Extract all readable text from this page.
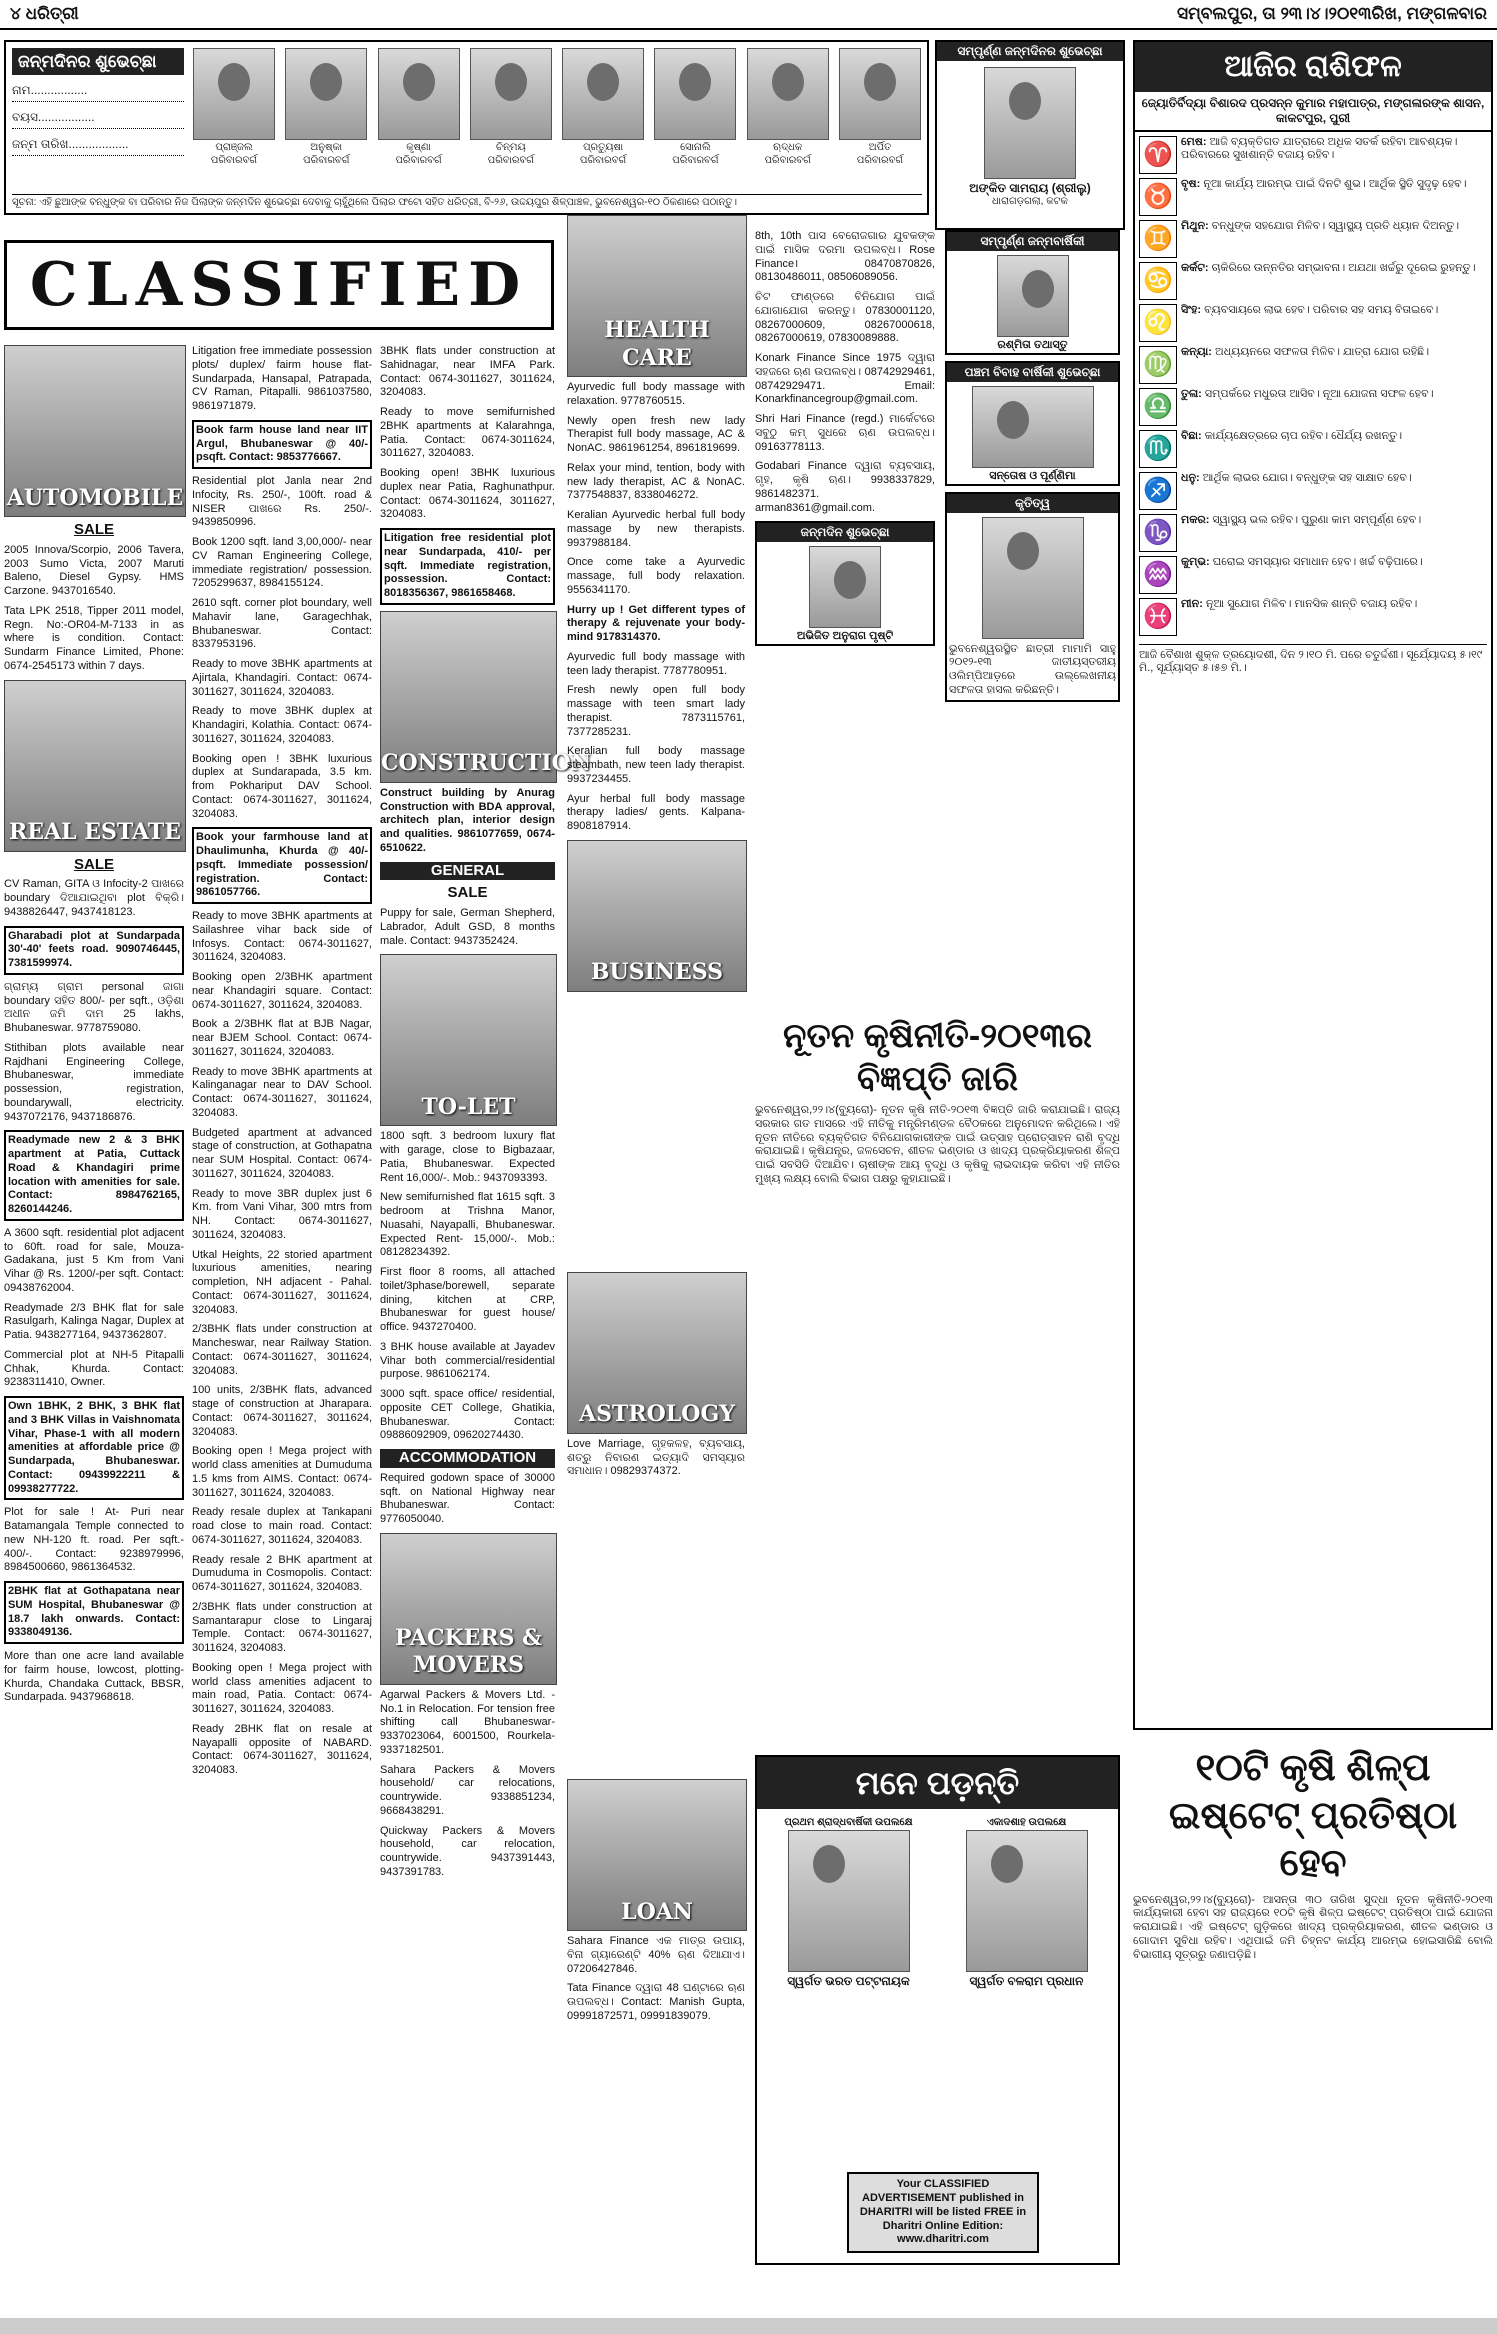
୪ ଧରିତ୍ରୀ	ସମ୍ବଲପୁର, ତା ୨୩।୪।୨୦୧୩ରିଖ, ମଙ୍ଗଳବାର
ଜନ୍ମଦିନର ଶୁଭେଚ୍ଛା
ନାମ.................
ବୟସ.................
ଜନ୍ମ ତାରିଖ..................	ପ୍ରାଞ୍ଜଲ
ପରିବାରବର୍ଗ
ଅନୁଷ୍କା
ପରିବାରବର୍ଗ
କୃଷ୍ଣା
ପରିବାରବର୍ଗ
ଚିନ୍ମୟ
ପରିବାରବର୍ଗ
ପ୍ରତ୍ୟୁଷା
ପରିବାରବର୍ଗ
ସୋନାଲି
ପରିବାରବର୍ଗ
ଋଦ୍ଧକ
ପରିବାରବର୍ଗ
ଅର୍ପିତ
ପରିବାରବର୍ଗ
ସୂଚନା: ଏହି ଛୁଆଙ୍କ ବନ୍ଧୁଙ୍କ ବା ପରିବାର ନିଜ ପିଲାଙ୍କ ଜନ୍ମଦିନ ଶୁଭେଚ୍ଛା ଦେବାକୁ ଚାହୁଁଥିଲେ ପିଲାର ଫଟୋ ସହିତ ଧରିତ୍ରୀ, ବି-୨୬, ଉଦ୍ଦୟପୁର ଶିଳ୍ପାଞ୍ଚଳ, ଭୁବନେଶ୍ୱର-୧୦ ଠିକଣାରେ ପଠାନ୍ତୁ।
ସମ୍ପୃର୍ଣ୍ଣ ଜନ୍ମଦିନର ଶୁଭେଚ୍ଛା
ଅଙ୍କିତ ସାମରାୟ (ଶ୍ରୀଲୁ)
ଧାରାଗଡ଼ଗଲା, କଟକ
CLASSIFIED
AUTOMOBILE
SALE

2005 Innova/Scorpio, 2006 Tavera, 2003 Sumo Victa, 2007 Maruti Baleno, Diesel Gypsy. HMS Carzone. 9437016540.

Tata LPK 2518, Tipper 2011 model, Regn. No:-OR04-M-7133 in as where is condition. Contact: Sundarm Finance Limited, Phone: 0674-2545173 within 7 days.

REAL ESTATE
SALE

CV Raman, GITA ଓ Infocity-2 ପାଖରେ boundary ଦିଆଯାଇଥିବା plot ବିକ୍ରି। 9438826447, 9437418123.

Gharabadi plot at Sundarpada 30'-40' feets road. 9090746445, 7381599974.

ଗ୍ରାମ୍ୟ ଗ୍ରାମ personal ଜାଗା boundary ସହିତ 800/- per sqft., ଓଡ଼ିଶା ଅଧୀନ ଜମି ଦାମ 25 lakhs, Bhubaneswar. 9778759080.

Stithiban plots available near Rajdhani Engineering College, Bhubaneswar, immediate possession, registration, boundarywall, electricity. 9437072176, 9437186876.

Readymade new 2 & 3 BHK apartment at Patia, Cuttack Road & Khandagiri prime location with amenities for sale. Contact: 8984762165, 8260144246.

A 3600 sqft. residential plot adjacent to 60ft. road for sale, Mouza-Gadakana, just 5 Km from Vani Vihar @ Rs. 1200/-per sqft. Contact: 09438762004.

Readymade 2/3 BHK flat for sale Rasulgarh, Kalinga Nagar, Duplex at Patia. 9438277164, 9437362807.

Commercial plot at NH-5 Pitapalli Chhak, Khurda. Contact: 9238311410, Owner.

Own 1BHK, 2 BHK, 3 BHK flat and 3 BHK Villas in Vaishnomata Vihar, Phase-1 with all modern amenities at affordable price @ Sundarpada, Bhubaneswar. Contact: 09439922211 & 09938277722.

Plot for sale ! At- Puri near Batamangala Temple connected to new NH-120 ft. road. Per sqft.- 400/-. Contact: 9238979996, 8984500660, 9861364532.

2BHK flat at Gothapatana near SUM Hospital, Bhubaneswar @ 18.7 lakh onwards. Contact: 9338049136.

More than one acre land available for fairm house, lowcost, plotting- Khurda, Chandaka Cuttack, BBSR, Sundarpada. 9437968618.

Litigation free immediate possession plots/ duplex/ fairm house flat- Sundarpada, Hansapal, Patrapada, CV Raman, Pitapalli. 9861037580, 9861971879.

Book farm house land near IIT Argul, Bhubaneswar @ 40/- psqft. Contact: 9853776667.

Residential plot Janla near 2nd Infocity, Rs. 250/-, 100ft. road & NISER ପାଖରେ Rs. 250/-. 9439850996.

Book 1200 sqft. land 3,00,000/- near CV Raman Engineering College, immediate registration/ possession. 7205299637, 8984155124.

2610 sqft. corner plot boundary, well Mahavir lane, Garagechhak, Bhubaneswar. Contact: 8337953196.

Ready to move 3BHK apartments at Ajirtala, Khandagiri. Contact: 0674-3011627, 3011624, 3204083.

Ready to move 3BHK duplex at Khandagiri, Kolathia. Contact: 0674-3011627, 3011624, 3204083.

Booking open ! 3BHK luxurious duplex at Sundarapada, 3.5 km. from Pokhariput DAV School. Contact: 0674-3011627, 3011624, 3204083.

Book your farmhouse land at Dhaulimunha, Khurda @ 40/- psqft. Immediate possession/ registration. Contact: 9861057766.

Ready to move 3BHK apartments at Sailashree vihar back side of Infosys. Contact: 0674-3011627, 3011624, 3204083.

Booking open 2/3BHK apartment near Khandagiri square. Contact: 0674-3011627, 3011624, 3204083.

Book a 2/3BHK flat at BJB Nagar, near BJEM School. Contact: 0674-3011627, 3011624, 3204083.

Ready to move 3BHK apartments at Kalinganagar near to DAV School. Contact: 0674-3011627, 3011624, 3204083.

Budgeted apartment at advanced stage of construction, at Gothapatna near SUM Hospital. Contact: 0674-3011627, 3011624, 3204083.

Ready to move 3BR duplex just 6 Km. from Vani Vihar, 300 mtrs from NH. Contact: 0674-3011627, 3011624, 3204083.

Utkal Heights, 22 storied apartment luxurious amenities, nearing completion, NH adjacent - Pahal. Contact: 0674-3011627, 3011624, 3204083.

2/3BHK flats under construction at Mancheswar, near Railway Station. Contact: 0674-3011627, 3011624, 3204083.

100 units, 2/3BHK flats, advanced stage of construction at Jharapara. Contact: 0674-3011627, 3011624, 3204083.

Booking open ! Mega project with world class amenities at Dumuduma 1.5 kms from AIMS. Contact: 0674-3011627, 3011624, 3204083.

Ready resale duplex at Tankapani road close to main road. Contact: 0674-3011627, 3011624, 3204083.

Ready resale 2 BHK apartment at Dumuduma in Cosmopolis. Contact: 0674-3011627, 3011624, 3204083.

2/3BHK flats under construction at Samantarapur close to Lingaraj Temple. Contact: 0674-3011627, 3011624, 3204083.

Booking open ! Mega project with world class amenities adjacent to main road, Patia. Contact: 0674-3011627, 3011624, 3204083.

Ready 2BHK flat on resale at Nayapalli opposite of NABARD. Contact: 0674-3011627, 3011624, 3204083.

3BHK flats under construction at Sahidnagar, near IMFA Park. Contact: 0674-3011627, 3011624, 3204083.

Ready to move semifurnished 2BHK apartments at Kalarahnga, Patia. Contact: 0674-3011624, 3011627, 3204083.

Booking open! 3BHK luxurious duplex near Patia, Raghunathpur. Contact: 0674-3011624, 3011627, 3204083.

Litigation free residential plot near Sundarpada, 410/- per sqft. Immediate registration, possession. Contact: 8018356367, 9861658468.

CONSTRUCTION

Construct building by Anurag Construction with BDA approval, architech plan, interior design and qualities. 9861077659, 0674-6510622.

GENERAL
SALE

Puppy for sale, German Shepherd, Labrador, Adult GSD, 8 months male. Contact: 9437352424.

TO-LET

1800 sqft. 3 bedroom luxury flat with garage, close to Bigbazaar, Patia, Bhubaneswar. Expected Rent 16,000/-. Mob.: 9437093393.

New semifurnished flat 1615 sqft. 3 bedroom at Trishna Manor, Nuasahi, Nayapalli, Bhubaneswar. Expected Rent- 15,000/-. Mob.: 08128234392.

First floor 8 rooms, all attached toilet/3phase/borewell, separate dining, kitchen at CRP, Bhubaneswar for guest house/ office. 9437270400.

3 BHK house available at Jayadev Vihar both commercial/residential purpose. 9861062174.

3000 sqft. space office/ residential, opposite CET College, Ghatikia, Bhubaneswar. Contact: 09886092909, 09620274430.

ACCOMMODATION

Required godown space of 30000 sqft. on National Highway near Bhubaneswar. Contact: 9776050040.

PACKERS & MOVERS

Agarwal Packers & Movers Ltd. - No.1 in Relocation. For tension free shifting call Bhubaneswar- 9337023064, 6001500, Rourkela- 9337182501.

Sahara Packers & Movers household/ car relocations, countrywide. 9338851234, 9668438291.

Quickway Packers & Movers household, car relocation, countrywide. 9437391443, 9437391783.

HEALTH CARE

Ayurvedic full body massage with relaxation. 9778760515.

Newly open fresh new lady Therapist full body massage, AC & NonAC. 9861961254, 8961819699.

Relax your mind, tention, body with new lady therapist, AC & NonAC. 7377548837, 8338046272.

Keralian Ayurvedic herbal full body massage by new therapists. 9937988184.

Once come take a Ayurvedic massage, full body relaxation. 9556341170.

Hurry up ! Get different types of therapy & rejuvenate your body-mind 9178314370.

Ayurvedic full body massage with teen lady therapist. 7787780951.

Fresh newly open full body massage with teen smart lady therapist. 7873115761, 7377285231.

Keralian full body massage steambath, new teen lady therapist. 9937234455.

Ayur herbal full body massage therapy ladies/ gents. Kalpana- 8908187914.

BUSINESS
ASTROLOGY

Love Marriage, ଗୃହକଳହ, ବ୍ୟବସାୟ, ଶତ୍ରୁ ନିବାରଣ ଇତ୍ୟାଦି ସମସ୍ୟାର ସମାଧାନ। 09829374372.

LOAN

Sahara Finance ଏକ ମାତ୍ର ଉପାୟ, ବିନା ଗ୍ୟାରେଣ୍ଟି 40% ଋଣ ଦିଆଯାଏ। 07206427846.

Tata Finance ଦ୍ୱାରା 48 ଘଣ୍ଟାରେ ଋଣ ଉପଲବ୍ଧ। Contact: Manish Gupta, 09991872571, 09991839079.

8th, 10th ପାସ ବେରୋଜଗାର ଯୁବକଙ୍କ ପାଇଁ ମାସିକ ଦରମା ଉପଲବ୍ଧ। Rose Finance। 08470870826, 08130486011, 08506089056.

ଚିଟ ଫାଣ୍ଡରେ ବିନିଯୋଗ ପାଇଁ ଯୋଗାଯୋଗ କରନ୍ତୁ। 07830001120, 08267000609, 08267000618, 08267000619, 07830089888.

Konark Finance Since 1975 ଦ୍ୱାରା ସହଜରେ ଋଣ ଉପଲବ୍ଧ। 08742929461, 08742929471. Email: Konarkfinancegroup@gmail.com.

Shri Hari Finance (regd.) ମାର୍କେଟରେ ସବୁଠୁ କମ୍ ସୁଧରେ ଋଣ ଉପଲବ୍ଧ। 09163778113.

Godabari Finance ଦ୍ୱାରା ବ୍ୟବସାୟ, ଗୃହ, କୃଷି ଋଣ। 9938337829, 9861482371. arman8361@gmail.com.

ଜନ୍ମଦିନ ଶୁଭେଚ୍ଛା
ଅଭିଜିତ ଅନୁରାଗ ପୃଷ୍ଟି
ସମ୍ପୃର୍ଣ୍ଣ ଜନ୍ମବାର୍ଷିକୀ
ରଶ୍ମିତା ତଥାସ୍ତୁ
ପଞ୍ଚମ ବିବାହ ବାର୍ଷିକୀ ଶୁଭେଚ୍ଛା
ସନ୍ତୋଷ ଓ ପୂର୍ଣ୍ଣିମା
କୃତିତ୍ୱ
ଭୁବନେଶ୍ୱରସ୍ଥିତ ଛାତ୍ରୀ ମାମାମି ସାହୁ ୨୦୧୨-୧୩ ଜାତୀୟସ୍ତରୀୟ ଓଲିମ୍ପିଆଡ଼ରେ ଉଲ୍ଲେଖନୀୟ ସଫଳତା ହାସଲ କରିଛନ୍ତି।
ନୂତନ କୃଷିନୀତି-୨୦୧୩ର ବିଜ୍ଞପ୍ତି ଜାରି

ଭୁବନେଶ୍ୱର,୨୨।୪(ବ୍ୟୁରୋ)- ନୂତନ କୃଷି ନୀତି-୨୦୧୩ ବିଜ୍ଞପ୍ତି ଜାରି କରାଯାଇଛି। ରାଜ୍ୟ ସରକାର ଗତ ମାସରେ ଏହି ନୀତିକୁ ମନ୍ତ୍ରିମଣ୍ଡଳ ବୈଠକରେ ଅନୁମୋଦନ କରିଥିଲେ। ଏହି ନୂତନ ନୀତିରେ ବ୍ୟକ୍ତିଗତ ବିନିଯୋଗକାରୀଙ୍କ ପାଇଁ ଉତ୍ସାହ ପ୍ରୋତ୍ସାହନ ରାଶି ବୃଦ୍ଧି କରାଯାଇଛି। କୃଷିଯନ୍ତ୍ର, ଜଳସେଚନ, ଶୀତଳ ଭଣ୍ଡାର ଓ ଖାଦ୍ୟ ପ୍ରକ୍ରିୟାକରଣ ଶିଳ୍ପ ପାଇଁ ସବସିଡି ଦିଆଯିବ। ଚାଷୀଙ୍କ ଆୟ ବୃଦ୍ଧି ଓ କୃଷିକୁ ଲାଭଦାୟକ କରିବା ଏହି ନୀତିର ମୁଖ୍ୟ ଲକ୍ଷ୍ୟ ବୋଲି ବିଭାଗ ପକ୍ଷରୁ କୁହାଯାଇଛି।

ମନେ ପଡ଼ନ୍ତି
ପ୍ରଥମ ଶ୍ରାଦ୍ଧବାର୍ଷିକୀ ଉପଲକ୍ଷେ
ସ୍ୱର୍ଗତ ଭରତ ପଟ୍ଟନାୟକ
ଏକାଦଶାହ ଉପଲକ୍ଷେ
ସ୍ୱର୍ଗତ ବଳରାମ ପ୍ରଧାନ
Your CLASSIFIED ADVERTISEMENT published in DHARITRI will be listed FREE in Dharitri Online Edition: www.dharitri.com
ଆଜିର ରାଶିଫଳ
ଜ୍ୟୋତିର୍ବିଦ୍ୟା ବିଶାରଦ ପ୍ରସନ୍ନ କୁମାର ମହାପାତ୍ର, ମଙ୍ଗଳାରଙ୍କ ଶାସନ, କାକଟପୁର, ପୁରୀ
♈ ମେଷ: ଆଜି ବ୍ୟକ୍ତିଗତ ଯାତ୍ରାରେ ଅଧିକ ସତର୍କ ରହିବା ଆବଶ୍ୟକ। ପରିବାରରେ ସୁଖଶାନ୍ତି ବଜାୟ ରହିବ।
♉ ବୃଷ: ନୂଆ କାର୍ଯ୍ୟ ଆରମ୍ଭ ପାଇଁ ଦିନଟି ଶୁଭ। ଆର୍ଥିକ ସ୍ଥିତି ସୁଦୃଢ଼ ହେବ।
♊ ମିଥୁନ: ବନ୍ଧୁଙ୍କ ସହଯୋଗ ମିଳିବ। ସ୍ୱାସ୍ଥ୍ୟ ପ୍ରତି ଧ୍ୟାନ ଦିଅନ୍ତୁ।
♋ କର୍କଟ: ଚାକିରିରେ ଉନ୍ନତିର ସମ୍ଭାବନା। ଅଯଥା ଖର୍ଚ୍ଚରୁ ଦୂରେଇ ରୁହନ୍ତୁ।
♌ ସିଂହ: ବ୍ୟବସାୟରେ ଲାଭ ହେବ। ପରିବାର ସହ ସମୟ ବିତାଇବେ।
♍ କନ୍ୟା: ଅଧ୍ୟୟନରେ ସଫଳତା ମିଳିବ। ଯାତ୍ରା ଯୋଗ ରହିଛି।
♎ ତୁଳା: ସମ୍ପର୍କରେ ମଧୁରତା ଆସିବ। ନୂଆ ଯୋଜନା ସଫଳ ହେବ।
♏ ବିଛା: କାର୍ଯ୍ୟକ୍ଷେତ୍ରରେ ଚାପ ରହିବ। ଧୈର୍ଯ୍ୟ ରଖନ୍ତୁ।
♐ ଧନୁ: ଆର୍ଥିକ ଲାଭର ଯୋଗ। ବନ୍ଧୁଙ୍କ ସହ ସାକ୍ଷାତ ହେବ।
♑ ମକର: ସ୍ୱାସ୍ଥ୍ୟ ଭଲ ରହିବ। ପୁରୁଣା କାମ ସମ୍ପୂର୍ଣ୍ଣ ହେବ।
♒ କୁମ୍ଭ: ଘରୋଇ ସମସ୍ୟାର ସମାଧାନ ହେବ। ଖର୍ଚ୍ଚ ବଢ଼ିପାରେ।
♓ ମୀନ: ନୂଆ ସୁଯୋଗ ମିଳିବ। ମାନସିକ ଶାନ୍ତି ବଜାୟ ରହିବ।
ଆଜି ବୈଶାଖ ଶୁକ୍ଳ ତ୍ରୟୋଦଶୀ, ଦିନ ୨।୧୦ ମି. ପରେ ଚତୁର୍ଦ୍ଦଶୀ। ସୂର୍ଯ୍ୟୋଦୟ ୫।୧୯ ମି., ସୂର୍ଯ୍ୟାସ୍ତ ୫।୫୭ ମି.।
୧୦ଟି କୃଷି ଶିଳ୍ପ ଇଷ୍ଟେଟ୍ ପ୍ରତିଷ୍ଠା ହେବ

ଭୁବନେଶ୍ୱର,୨୨।୪(ବ୍ୟୁରୋ)- ଆସନ୍ତା ୩୦ ତାରିଖ ସୁଦ୍ଧା ନୂତନ କୃଷିନୀତି-୨୦୧୩ କାର୍ଯ୍ୟକାରୀ ହେବା ସହ ରାଜ୍ୟରେ ୧୦ଟି କୃଷି ଶିଳ୍ପ ଇଷ୍ଟେଟ୍ ପ୍ରତିଷ୍ଠା ପାଇଁ ଯୋଜନା କରାଯାଇଛି। ଏହି ଇଷ୍ଟେଟ୍ ଗୁଡ଼ିକରେ ଖାଦ୍ୟ ପ୍ରକ୍ରିୟାକରଣ, ଶୀତଳ ଭଣ୍ଡାର ଓ ଗୋଦାମ ସୁବିଧା ରହିବ। ଏଥିପାଇଁ ଜମି ଚିହ୍ନଟ କାର୍ଯ୍ୟ ଆରମ୍ଭ ହୋଇସାରିଛି ବୋଲି ବିଭାଗୀୟ ସୂତ୍ରରୁ ଜଣାପଡ଼ିଛି।
